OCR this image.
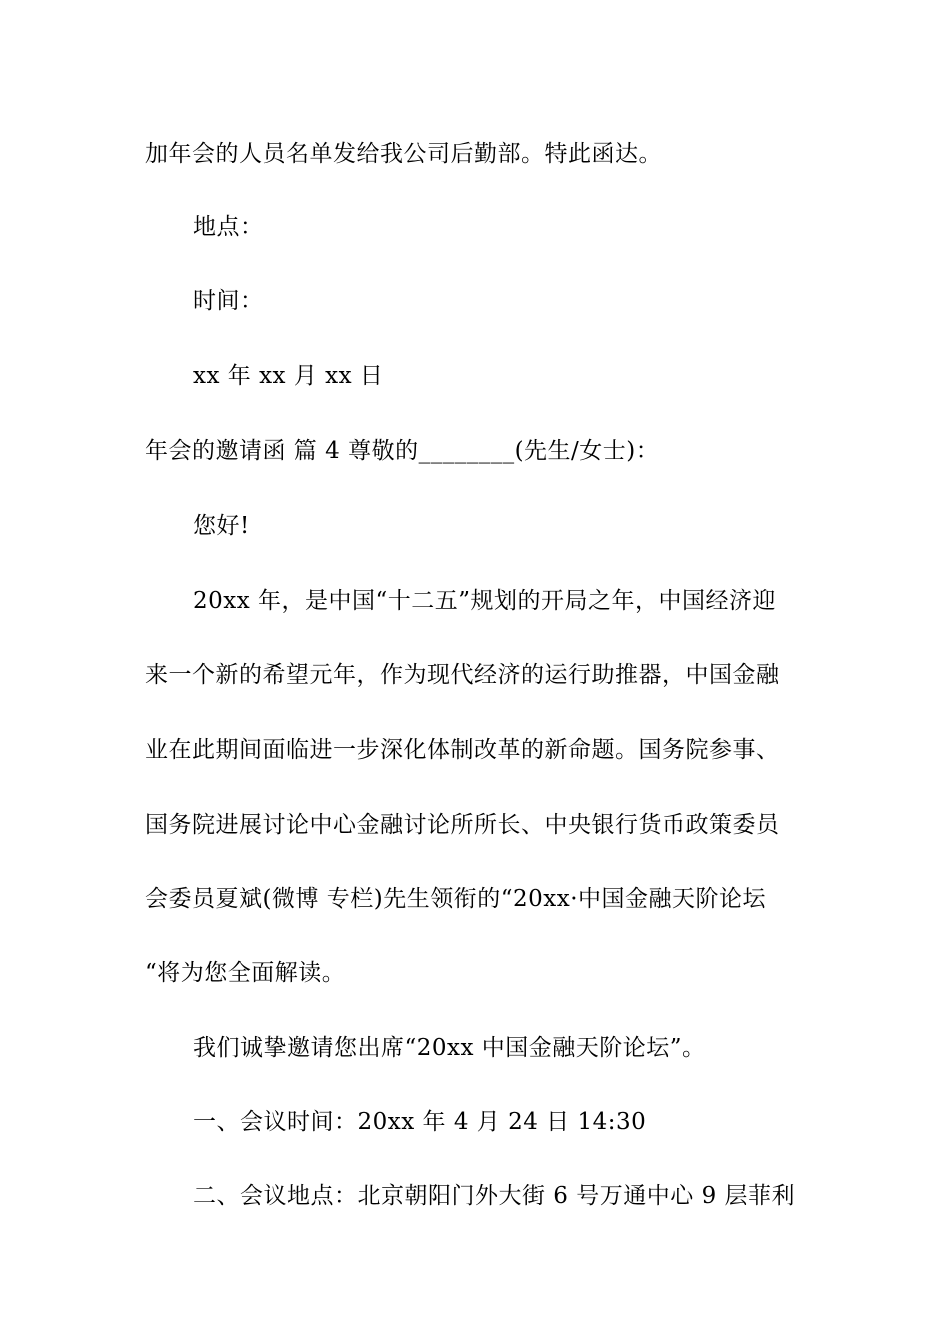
加年会的人员名单发给我公司后勤部。特此函达。
地点：
时间：
xx 年 xx 月 xx 日
年会的邀请函 篇 4 尊敬的________(先生/女士)：
您好!
20xx 年，是中国“十二五”规划的开局之年，中国经济迎
来一个新的希望元年，作为现代经济的运行助推器，中国金融
业在此期间面临进一步深化体制改革的新命题。国务院参事、
国务院进展讨论中心金融讨论所所长、中央银行货币政策委员
会委员夏斌(微博 专栏)先生领衔的“20xx·中国金融天阶论坛
“将为您全面解读。
我们诚挚邀请您出席“20xx 中国金融天阶论坛”。
一、会议时间：20xx 年 4 月 24 日 14:30
二、会议地点：北京朝阳门外大街 6 号万通中心 9 层菲利
